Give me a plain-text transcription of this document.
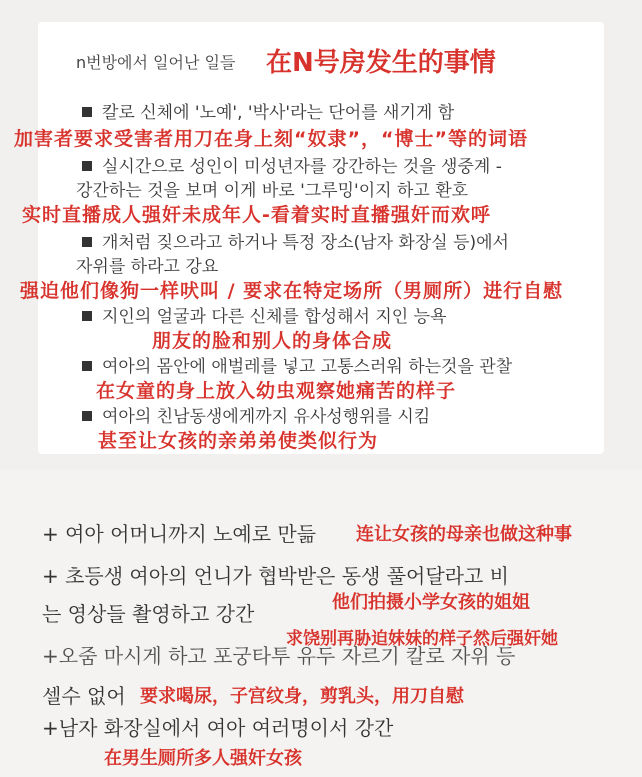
n번방에서 일어난 일들 在N号房发生的事情
칼로 신체에 '노예', '박사'라는 단어를 새기게 함
加害者要求受害者用刀在身上刻“奴隶”，“博士”等的词语
실시간으로 성인이 미성년자를 강간하는 것을 생중계 -
강간하는 것을 보며 이게 바로 '그루밍'이지 하고 환호
实时直播成人强奸未成年人-看着实时直播强奸而欢呼
개처럼 짖으라고 하거나 특정 장소(남자 화장실 등)에서
자위를 하라고 강요
强迫他们像狗一样吠叫 / 要求在特定场所（男厕所）进行自慰
지인의 얼굴과 다른 신체를 합성해서 지인 능욕
朋友的脸和别人的身体合成
여아의 몸안에 애벌레를 넣고 고통스러워 하는것을 관찰
在女童的身上放入幼虫观察她痛苦的样子
여아의 친남동생에게까지 유사성행위를 시킴
甚至让女孩的亲弟弟使类似行为
+ 여아 어머니까지 노예로 만듦 连让女孩的母亲也做这种事
+ 초등생 여아의 언니가 협박받은 동생 풀어달라고 비
는 영상들 촬영하고 강간	他们拍摄小学女孩的姐姐
求饶别再胁迫妹妹的样子然后强奸她
+오줌 마시게 하고 포궁타투 유두 자르기 칼로 자위 등
셀수 없어 要求喝尿，子宫纹身，剪乳头，用刀自慰
+남자 화장실에서 여아 여러명이서 강간
在男生厕所多人强奸女孩
